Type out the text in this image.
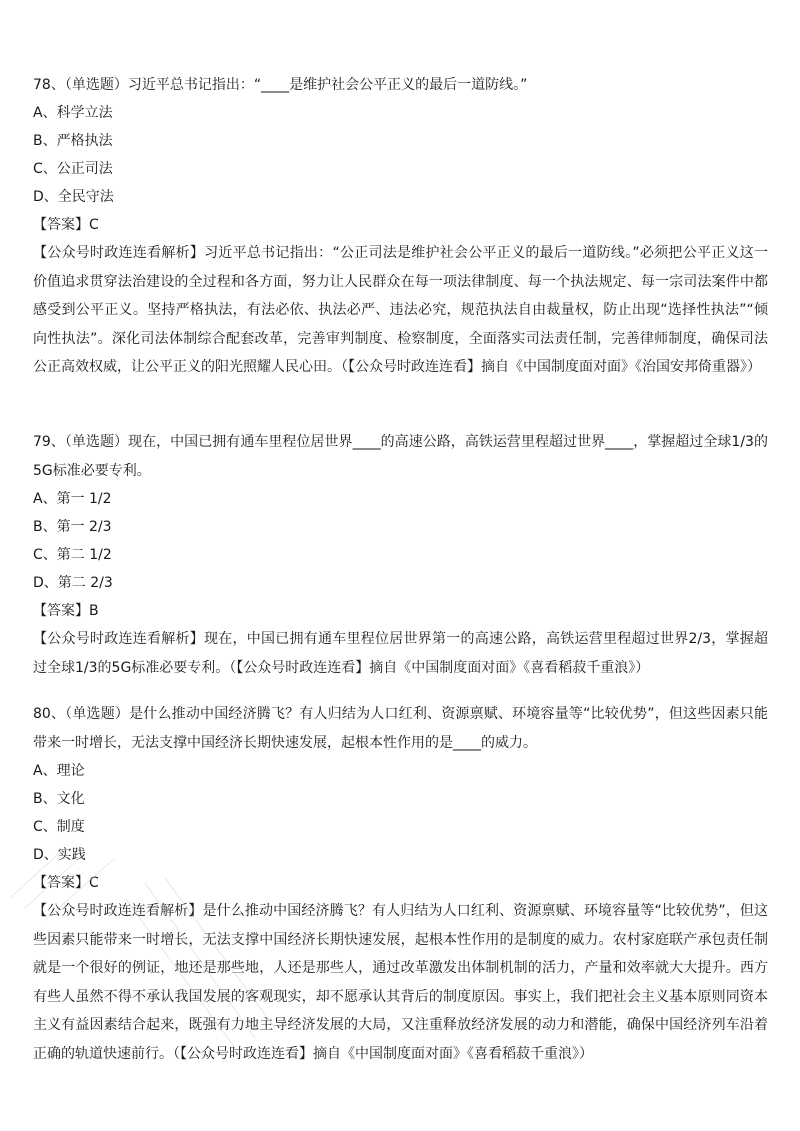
78、（单选题）习近平总书记指出：“____是维护社会公平正义的最后一道防线。”
A、科学立法
B、严格执法
C、公正司法
D、全民守法
【答案】C
【公众号时政连连看解析】习近平总书记指出：“公正司法是维护社会公平正义的最后一道防线。”必须把公平正义这一价值追求贯穿法治建设的全过程和各方面，努力让人民群众在每一项法律制度、每一个执法规定、每一宗司法案件中都感受到公平正义。坚持严格执法，有法必依、执法必严、违法必究，规范执法自由裁量权，防止出现“选择性执法”“倾向性执法”。深化司法体制综合配套改革，完善审判制度、检察制度，全面落实司法责任制，完善律师制度，确保司法公正高效权威，让公平正义的阳光照耀人民心田。（【公众号时政连连看】摘自《中国制度面对面》《治国安邦倚重器》）
79、（单选题）现在，中国已拥有通车里程位居世界____的高速公路，高铁运营里程超过世界____，掌握超过全球1/3的5G标准必要专利。
A、第一 1/2
B、第一 2/3
C、第二 1/2
D、第二 2/3
【答案】B
【公众号时政连连看解析】现在，中国已拥有通车里程位居世界第一的高速公路，高铁运营里程超过世界2/3，掌握超过全球1/3的5G标准必要专利。（【公众号时政连连看】摘自《中国制度面对面》《喜看稻菽千重浪》）
80、（单选题）是什么推动中国经济腾飞？有人归结为人口红利、资源禀赋、环境容量等“比较优势”，但这些因素只能带来一时增长，无法支撑中国经济长期快速发展，起根本性作用的是____的威力。
A、理论
B、文化
C、制度
D、实践
【答案】C
【公众号时政连连看解析】是什么推动中国经济腾飞？有人归结为人口红利、资源禀赋、环境容量等“比较优势”，但这些因素只能带来一时增长，无法支撑中国经济长期快速发展，起根本性作用的是制度的威力。农村家庭联产承包责任制就是一个很好的例证，地还是那些地，人还是那些人，通过改革激发出体制机制的活力，产量和效率就大大提升。西方有些人虽然不得不承认我国发展的客观现实，却不愿承认其背后的制度原因。事实上，我们把社会主义基本原则同资本主义有益因素结合起来，既强有力地主导经济发展的大局，又注重释放经济发展的动力和潜能，确保中国经济列车沿着正确的轨道快速前行。（【公众号时政连连看】摘自《中国制度面对面》《喜看稻菽千重浪》）
